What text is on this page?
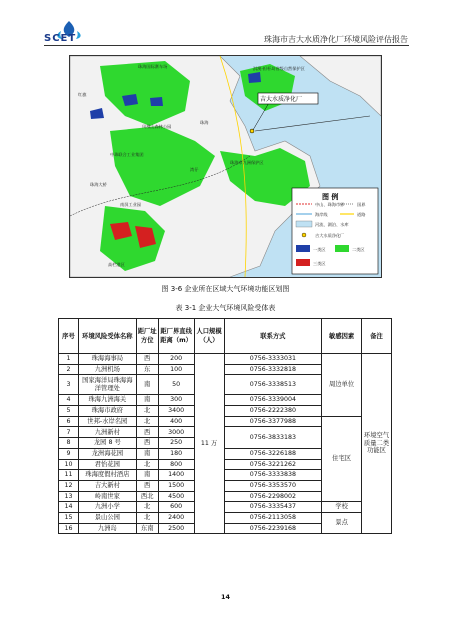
SCET	珠海市吉大水质净化厂环境风险评估报告
吉大水质净化厂
淇澳-担杆岛省级自然保护区
珠海国际赛车场
凤凰山森林公园
中珠联合工业集团
珠海市九洲保护区
珠海大桥
南屏工业园
高栏港区
红旗
珠海
湾仔
图 例
中山、珠海市界	国界
海岸线	道路
河流、湖泊、水库
吉大水质净化厂
一类区	二类区
三类区
图 3-6 企业所在区域大气环境功能区划图
表 3-1 企业大气环境风险受体表
序号	环境风险受体名称	距厂址方位	距厂界直线距离（m）	人口规模（人）	联系方式	敏感因素	备注
1	珠海海事局	西	200	11 万	0756-3333031	周边单位	环境空气质量二类功能区
2	九洲机场	东	100		0756-3332818		
3	国家海洋局珠海海洋管理处	南	50		0756-3338513		
4	珠海九洲海关	南	300		0756-3339004		
5	珠海市政府	北	3400		0756-2222380		
6	世邦-水岸名园	北	400		0756-3377988	住宅区	
7	九洲新村	西	3000		0756-3833183		
8	龙园 8 号	西	250				
9	龙洲海花园	南	180		0756-3226188		
10	君怡花园	北	800		0756-3221262		
11	珠海度假村酒店	南	1400		0756-3333838		
12	吉大新村	西	1500		0756-3353570		
13	岭南世家	西北	4500		0756-2298002		
14	九洲小学	北	600		0756-3335437	学校	
15	景山公园	北	2400		0756-2113058	景点	
16	九洲岛	东南	2500		0756-2239168		
14
